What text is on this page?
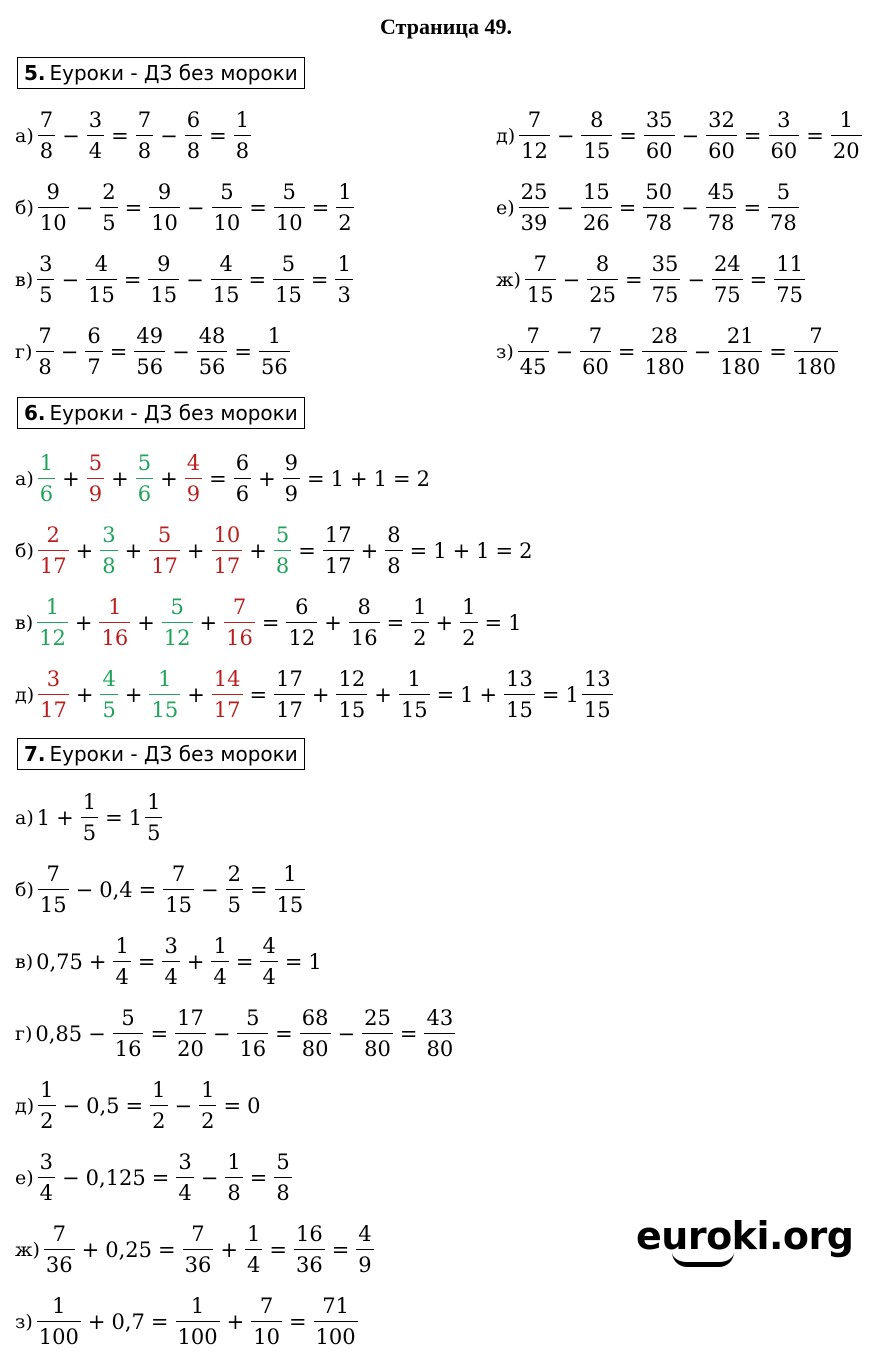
Страница 49.
5. Еуроки - ДЗ без мороки
6. Еуроки - ДЗ без мороки
7. Еуроки - ДЗ без мороки
$а) \frac{7}{8} - \frac{3}{4} = \frac{7}{8} - \frac{6}{8} = \frac{1}{8}$
$б) \frac{9}{10} - \frac{2}{5} = \frac{9}{10} - \frac{5}{10} = \frac{5}{10} = \frac{1}{2}$
$в) \frac{3}{5} - \frac{4}{15} = \frac{9}{15} - \frac{4}{15} = \frac{5}{15} = \frac{1}{3}$
$г) \frac{7}{8} - \frac{6}{7} = \frac{49}{56} - \frac{48}{56} = \frac{1}{56}$
$д) \frac{7}{12} - \frac{8}{15} = \frac{35}{60} - \frac{32}{60} = \frac{3}{60} = \frac{1}{20}$
$е) \frac{25}{39} - \frac{15}{26} = \frac{50}{78} - \frac{45}{78} = \frac{5}{78}$
$ж) \frac{7}{15} - \frac{8}{25} = \frac{35}{75} - \frac{24}{75} = \frac{11}{75}$
$з) \frac{7}{45} - \frac{7}{60} = \frac{28}{180} - \frac{21}{180} = \frac{7}{180}$
$а) \frac{1}{6} + \frac{5}{9} + \frac{5}{6} + \frac{4}{9} = \frac{6}{6} + \frac{9}{9} = 1 + 1 = 2$
$б) \frac{2}{17} + \frac{3}{8} + \frac{5}{17} + \frac{10}{17} + \frac{5}{8} = \frac{17}{17} + \frac{8}{8} = 1 + 1 = 2$
$в) \frac{1}{12} + \frac{1}{16} + \frac{5}{12} + \frac{7}{16} = \frac{6}{12} + \frac{8}{16} = \frac{1}{2} + \frac{1}{2} = 1$
$д) \frac{3}{17} + \frac{4}{5} + \frac{1}{15} + \frac{14}{17} = \frac{17}{17} + \frac{12}{15} + \frac{1}{15} = 1 + \frac{13}{15} = 1 \frac{13}{15}$
а) $1 + \frac{1}{5} = 1 \frac{1}{5}$
$б) \frac{7}{15} - 0,4 = \frac{7}{15} - \frac{2}{5} = \frac{1}{15}$
в) $0,75 + \frac{1}{4} = \frac{3}{4} + \frac{1}{4} = \frac{4}{4} = 1$
г) $0,85 - \frac{5}{16} = \frac{17}{20} - \frac{5}{16} = \frac{68}{80} - \frac{25}{80} = \frac{43}{80}$
$д) \frac{1}{2} - 0,5 = \frac{1}{2} - \frac{1}{2} = 0$
$е) \frac{3}{4} - 0,125 = \frac{3}{4} - \frac{1}{8} = \frac{5}{8}$
$ж) \frac{7}{36} + 0,25 = \frac{7}{36} + \frac{1}{4} = \frac{16}{36} = \frac{4}{9}$
$з) \frac{1}{100} + 0,7 = \frac{1}{100} + \frac{7}{10} = \frac{71}{100}$
euroki.org
